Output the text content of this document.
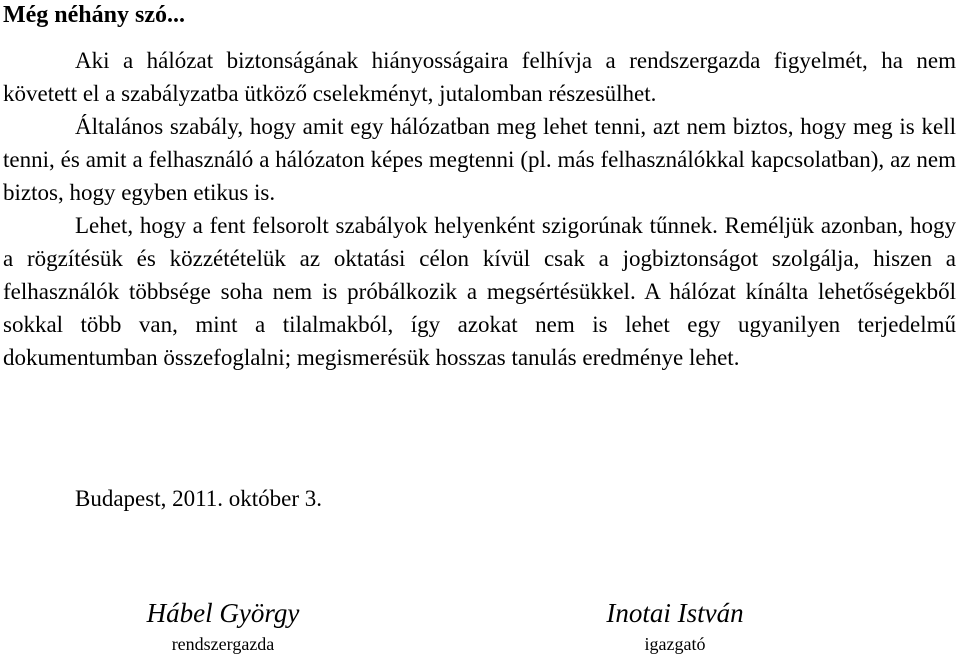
Még néhány szó...

Aki a hálózat biztonságának hiányosságaira felhívja a rendszergazda figyelmét, ha nem követett el a szabályzatba ütköző cselekményt, jutalomban részesülhet.

Általános szabály, hogy amit egy hálózatban meg lehet tenni, azt nem biztos, hogy meg is kell tenni, és amit a felhasználó a hálózaton képes megtenni (pl. más felhasználókkal kapcsolatban), az nem biztos, hogy egyben etikus is.

Lehet, hogy a fent felsorolt szabályok helyenként szigorúnak tűnnek. Reméljük azonban, hogy a rögzítésük és közzétételük az oktatási célon kívül csak a jogbiztonságot szolgálja, hiszen a felhasználók többsége soha nem is próbálkozik a megsértésükkel. A hálózat kínálta lehetőségekből sokkal több van, mint a tilalmakból, így azokat nem is lehet egy ugyanilyen terjedelmű dokumentumban összefoglalni; megismerésük hosszas tanulás eredménye lehet.

Budapest, 2011. október 3.
Hábel György
rendszergazda
Inotai István
igazgató
